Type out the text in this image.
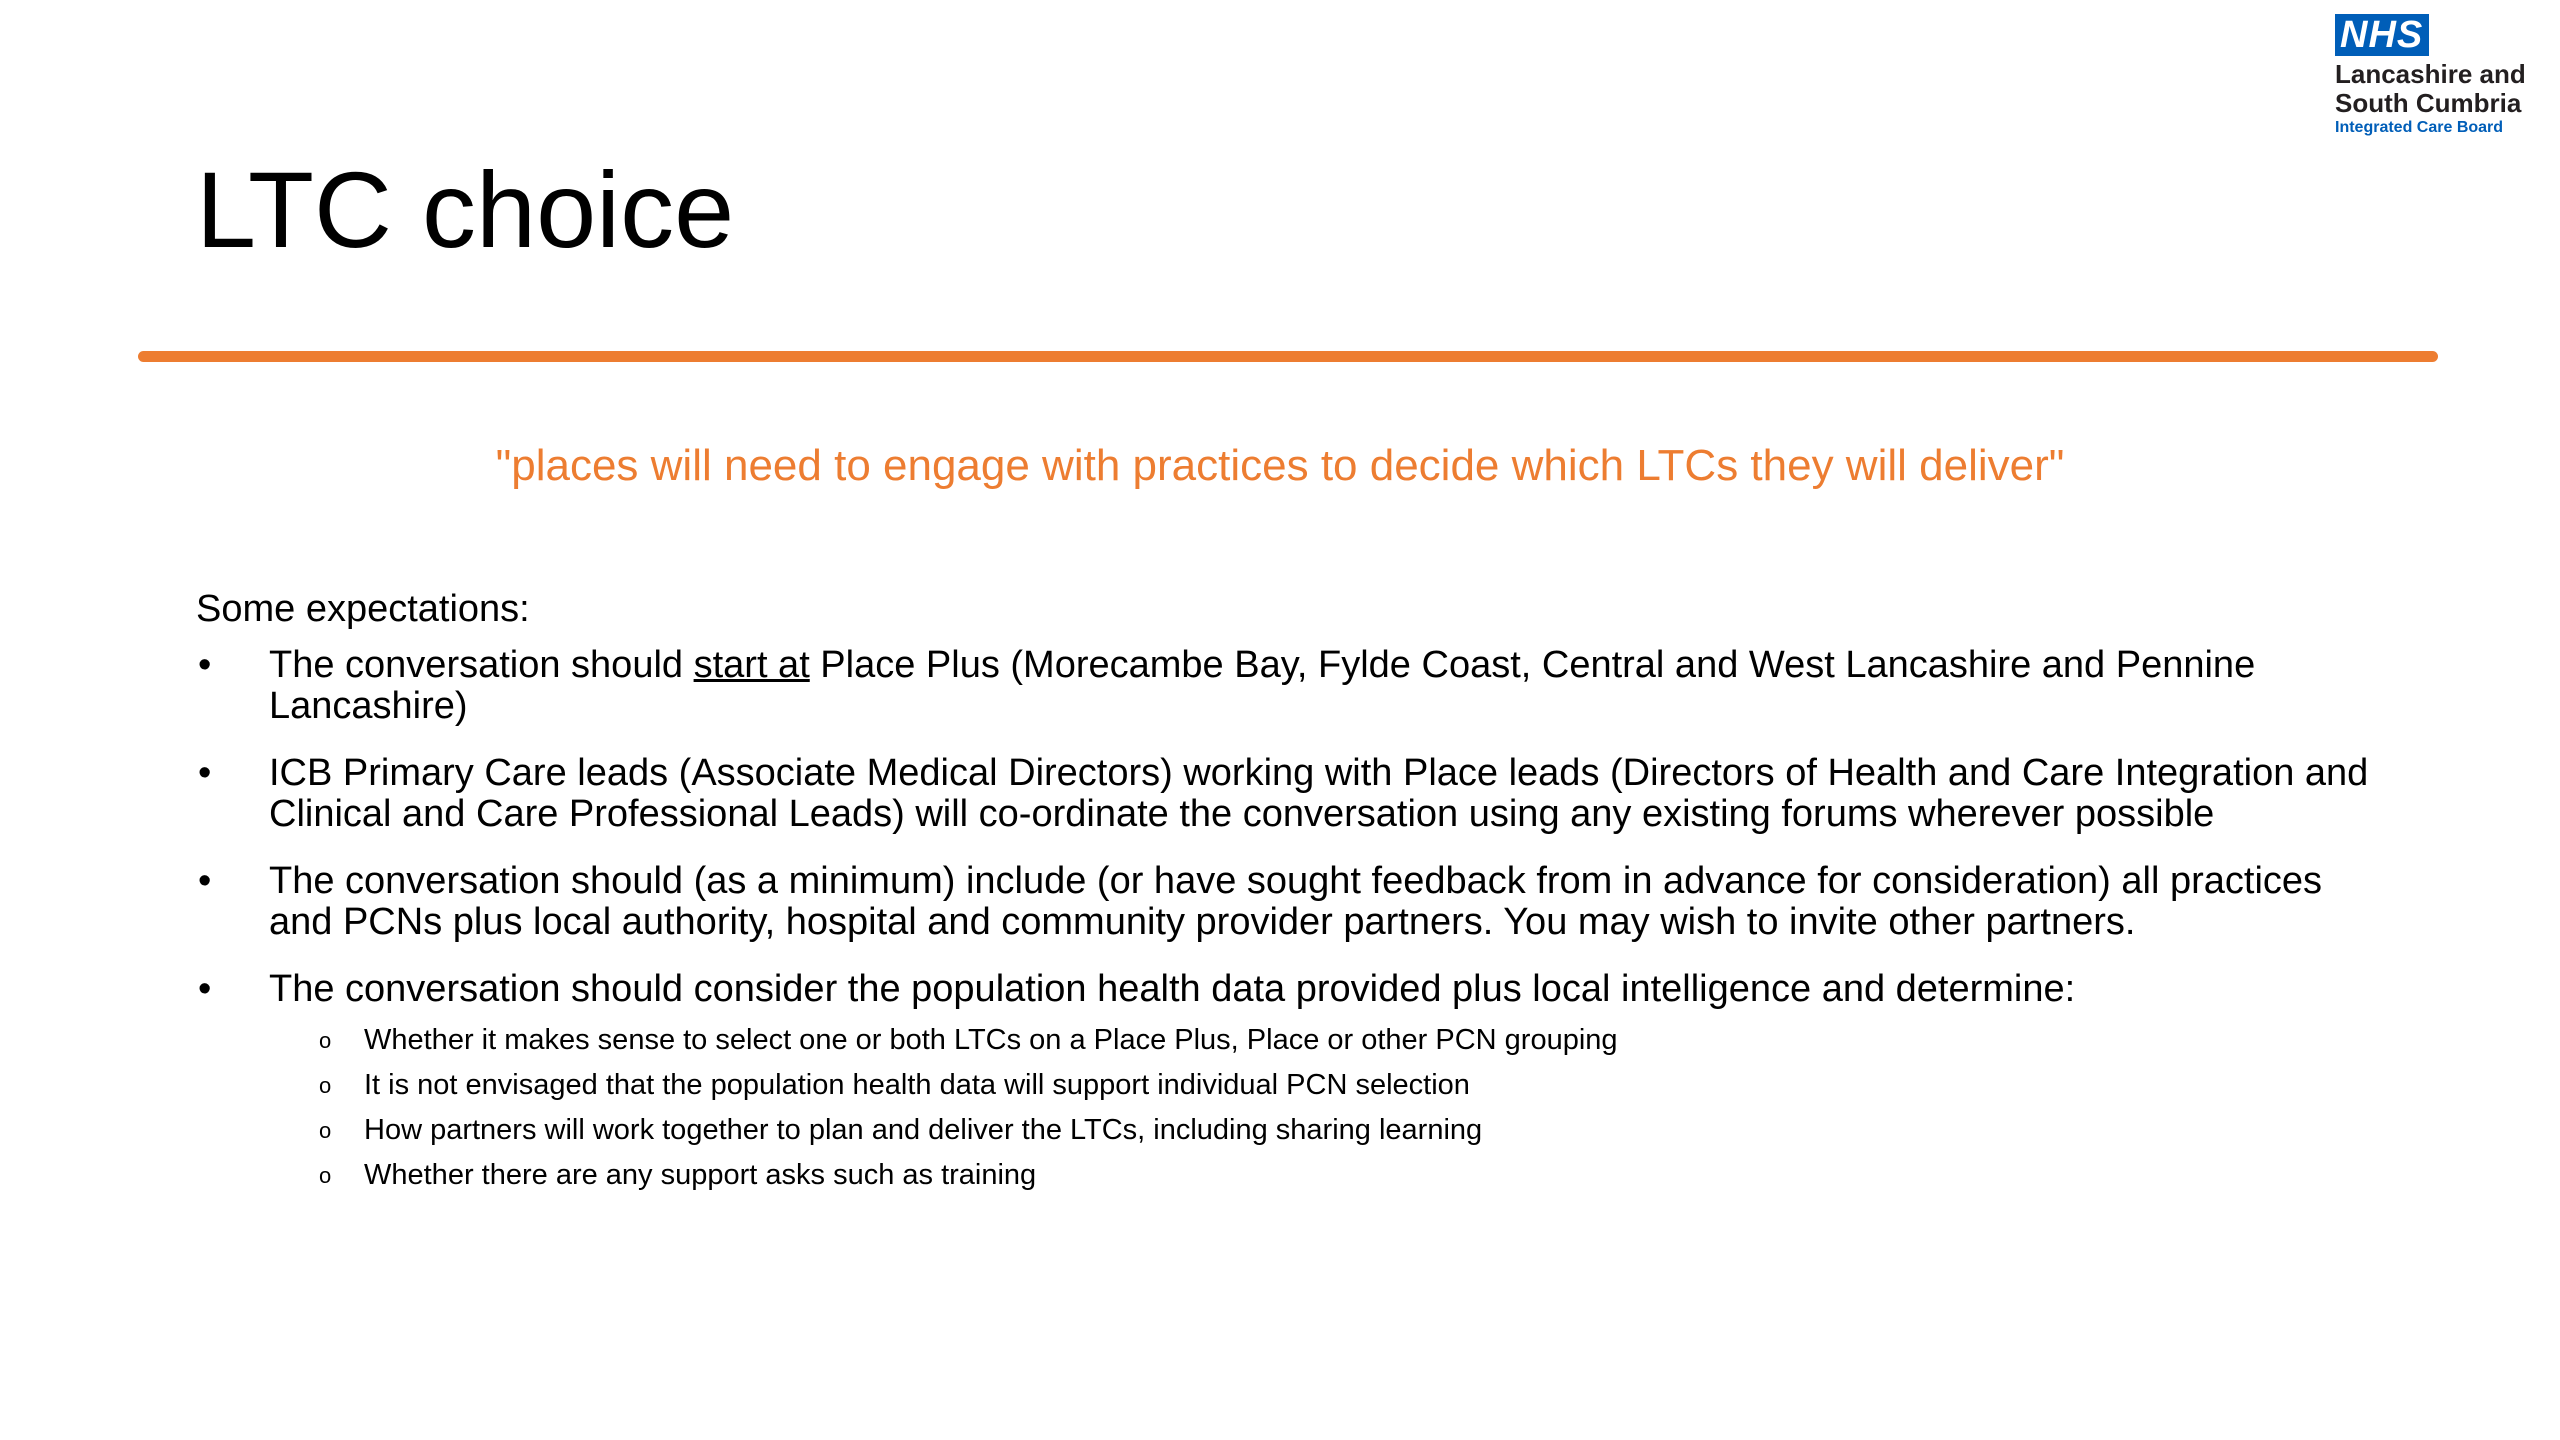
NHS
Lancashire and
South Cumbria
Integrated Care Board
LTC choice
"places will need to engage with practices to decide which LTCs they will deliver"

Some expectations:

• The conversation should start at Place Plus (Morecambe Bay, Fylde Coast, Central and West Lancashire and Pennine Lancashire)
• ICB Primary Care leads (Associate Medical Directors) working with Place leads (Directors of Health and Care Integration and Clinical and Care Professional Leads) will co-ordinate the conversation using any existing forums wherever possible
• The conversation should (as a minimum) include (or have sought feedback from in advance for consideration) all practices and PCNs plus local authority, hospital and community provider partners. You may wish to invite other partners.
• The conversation should consider the population health data provided plus local intelligence and determine:
o Whether it makes sense to select one or both LTCs on a Place Plus, Place or other PCN grouping
o It is not envisaged that the population health data will support individual PCN selection
o How partners will work together to plan and deliver the LTCs, including sharing learning
o Whether there are any support asks such as training
